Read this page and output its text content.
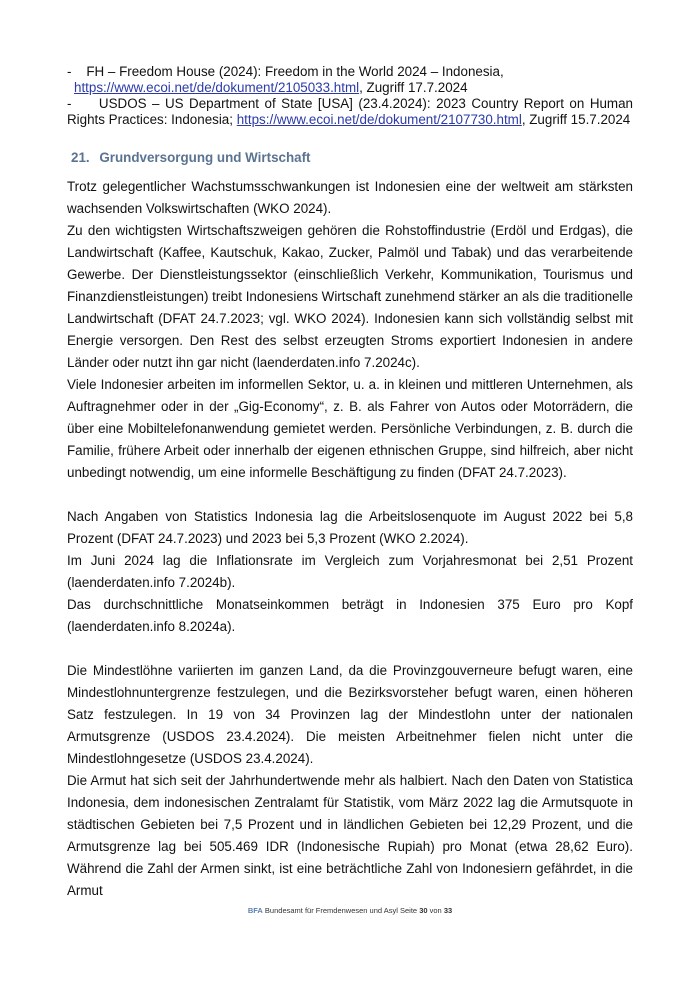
- FH – Freedom House (2024): Freedom in the World 2024 – Indonesia,
https://www.ecoi.net/de/dokument/2105033.html, Zugriff 17.7.2024

- USDOS – US Department of State [USA] (23.4.2024): 2023 Country Report on Human Rights Practices: Indonesia; https://www.ecoi.net/de/dokument/2107730.html, Zugriff 15.7.2024

21. Grundversorgung und Wirtschaft

Trotz gelegentlicher Wachstumsschwankungen ist Indonesien eine der weltweit am stärksten wachsenden Volkswirtschaften (WKO 2024).

Zu den wichtigsten Wirtschaftszweigen gehören die Rohstoffindustrie (Erdöl und Erdgas), die Landwirtschaft (Kaffee, Kautschuk, Kakao, Zucker, Palmöl und Tabak) und das verarbeitende Gewerbe. Der Dienstleistungssektor (einschließlich Verkehr, Kommunikation, Tourismus und Finanzdienstleistungen) treibt Indonesiens Wirtschaft zunehmend stärker an als die traditionelle Landwirtschaft (DFAT 24.7.2023; vgl. WKO 2024). Indonesien kann sich vollständig selbst mit Energie versorgen. Den Rest des selbst erzeugten Stroms exportiert Indonesien in andere Länder oder nutzt ihn gar nicht (laenderdaten.info 7.2024c).

Viele Indonesier arbeiten im informellen Sektor, u. a. in kleinen und mittleren Unternehmen, als Auftragnehmer oder in der „Gig-Economy“, z. B. als Fahrer von Autos oder Motorrädern, die über eine Mobiltelefonanwendung gemietet werden. Persönliche Verbindungen, z. B. durch die Familie, frühere Arbeit oder innerhalb der eigenen ethnischen Gruppe, sind hilfreich, aber nicht unbedingt notwendig, um eine informelle Beschäftigung zu finden (DFAT 24.7.2023).

Nach Angaben von Statistics Indonesia lag die Arbeitslosenquote im August 2022 bei 5,8 Prozent (DFAT 24.7.2023) und 2023 bei 5,3 Prozent (WKO 2.2024).

Im Juni 2024 lag die Inflationsrate im Vergleich zum Vorjahresmonat bei 2,51 Prozent (laenderdaten.info 7.2024b).

Das durchschnittliche Monatseinkommen beträgt in Indonesien 375 Euro pro Kopf (laenderdaten.info 8.2024a).

Die Mindestlöhne variierten im ganzen Land, da die Provinzgouverneure befugt waren, eine Mindestlohnuntergrenze festzulegen, und die Bezirksvorsteher befugt waren, einen höheren Satz festzulegen. In 19 von 34 Provinzen lag der Mindestlohn unter der nationalen Armutsgrenze (USDOS 23.4.2024). Die meisten Arbeitnehmer fielen nicht unter die Mindestlohngesetze (USDOS 23.4.2024).

Die Armut hat sich seit der Jahrhundertwende mehr als halbiert. Nach den Daten von Statistica Indonesia, dem indonesischen Zentralamt für Statistik, vom März 2022 lag die Armutsquote in städtischen Gebieten bei 7,5 Prozent und in ländlichen Gebieten bei 12,29 Prozent, und die Armutsgrenze lag bei 505.469 IDR (Indonesische Rupiah) pro Monat (etwa 28,62 Euro). Während die Zahl der Armen sinkt, ist eine beträchtliche Zahl von Indonesiern gefährdet, in die Armut

BFA Bundesamt für Fremdenwesen und Asyl Seite 30 von 33
